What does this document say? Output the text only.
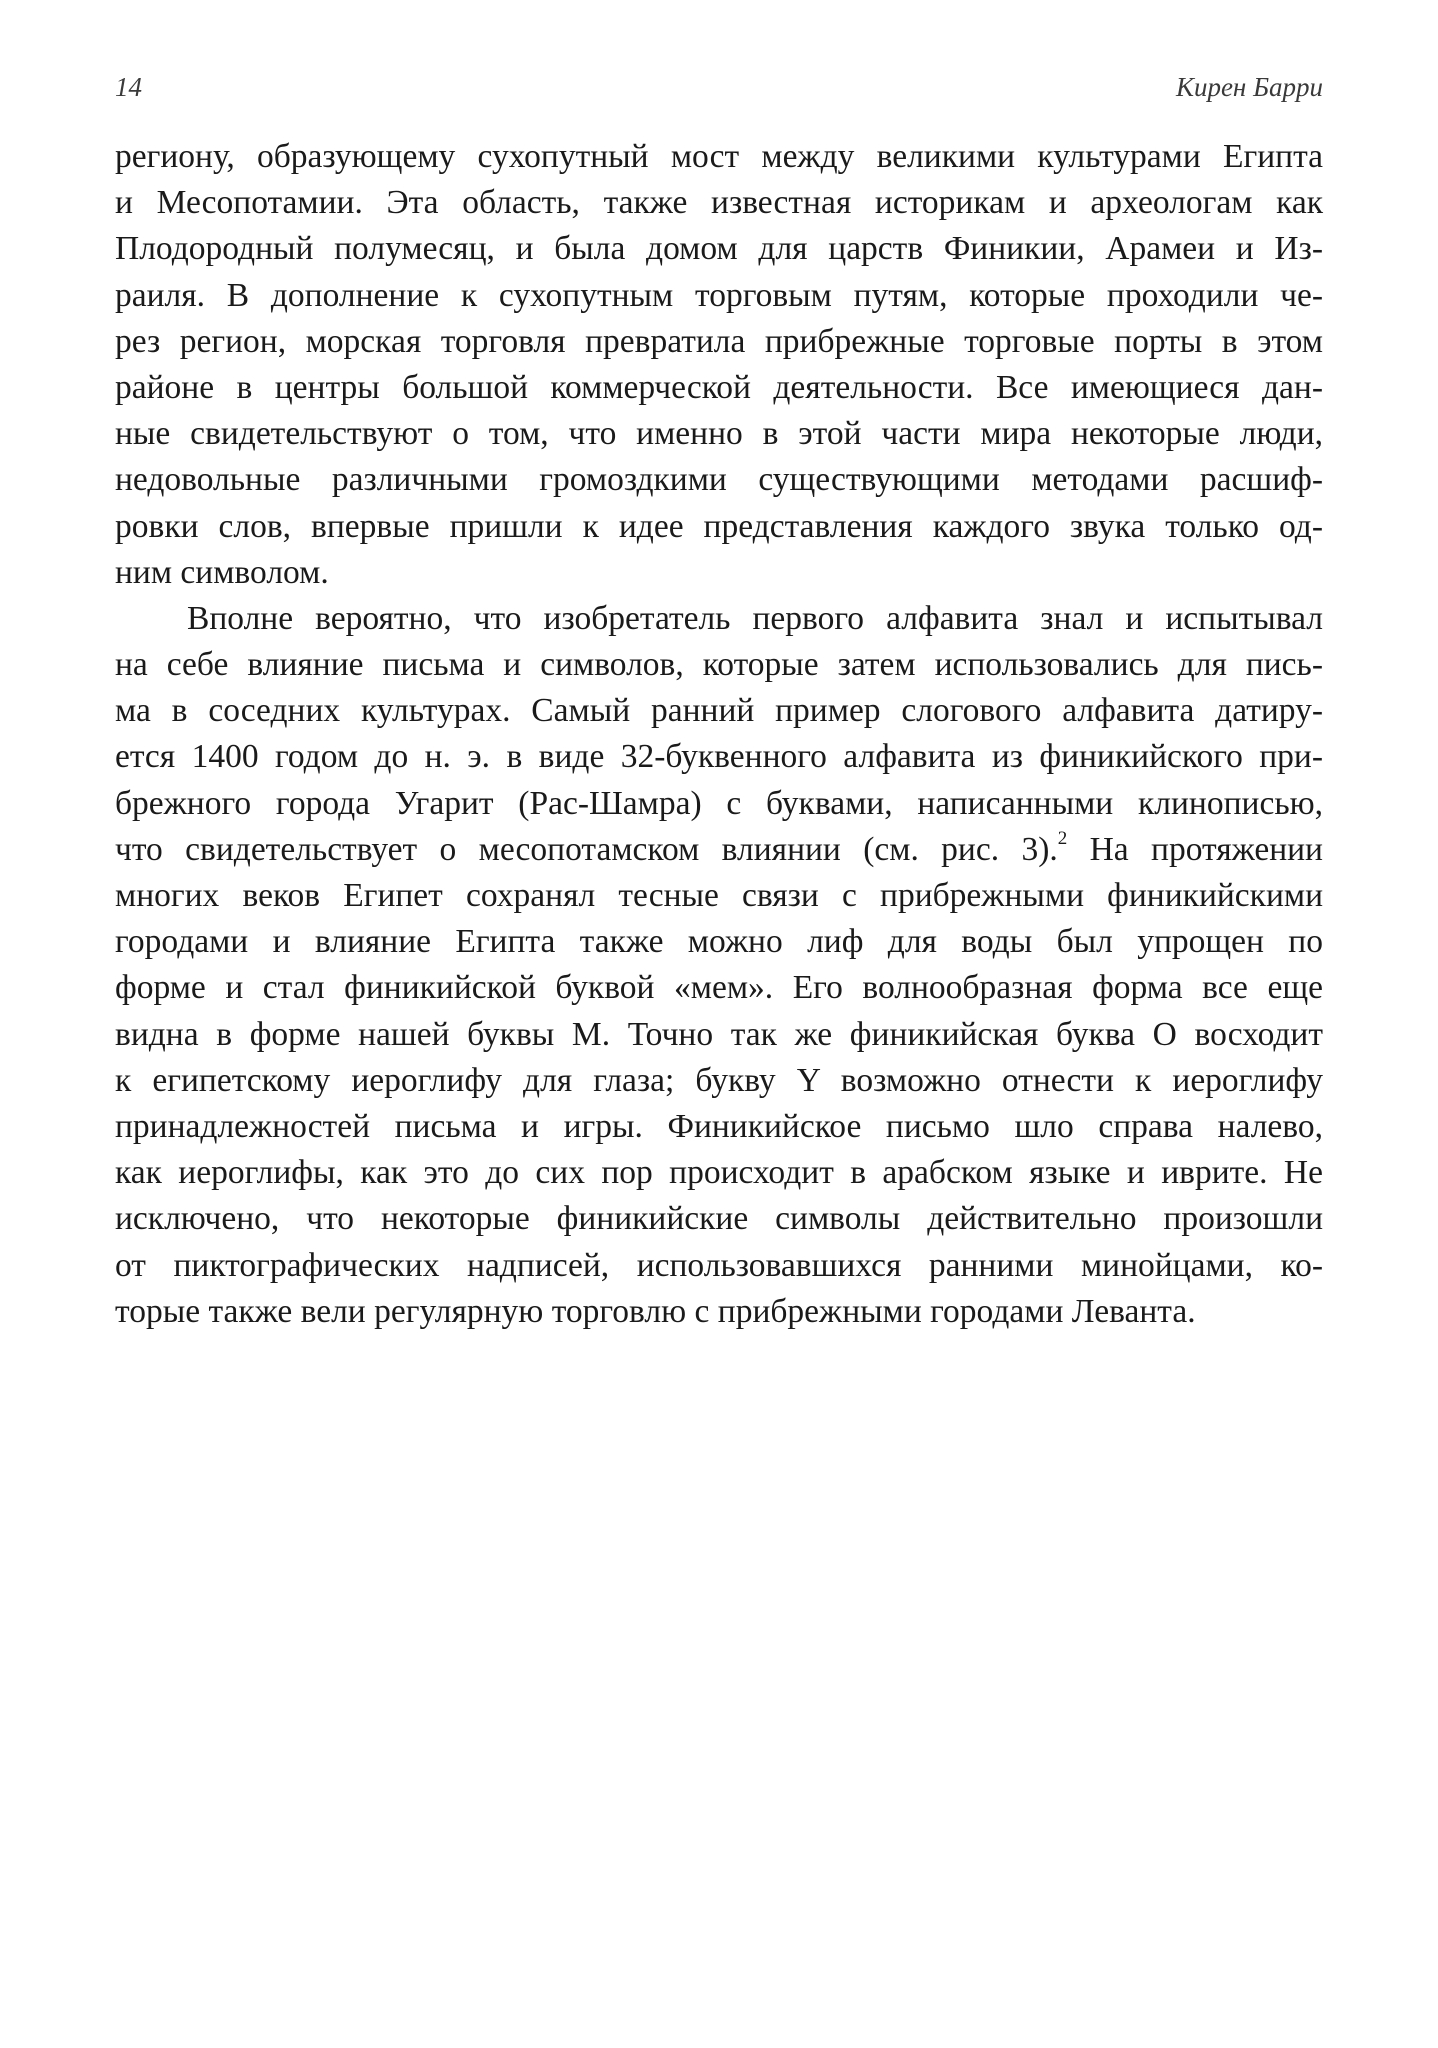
14	Кирен Барри
региону, образующему сухопутный мост между великими культурами Египта
и Месопотамии. Эта область, также известная историкам и археологам как
Плодородный полумесяц, и была домом для царств Финикии, Арамеи и Из-
раиля. В дополнение к сухопутным торговым путям, которые проходили че-
рез регион, морская торговля превратила прибрежные торговые порты в этом
районе в центры большой коммерческой деятельности. Все имеющиеся дан-
ные свидетельствуют о том, что именно в этой части мира некоторые люди,
недовольные различными громоздкими существующими методами расшиф-
ровки слов, впервые пришли к идее представления каждого звука только од-
ним символом.
Вполне вероятно, что изобретатель первого алфавита знал и испытывал
на себе влияние письма и символов, которые затем использовались для пись-
ма в соседних культурах. Самый ранний пример слогового алфавита датиру-
ется 1400 годом до н. э. в виде 32-буквенного алфавита из финикийского при-
брежного города Угарит (Рас-Шамра) с буквами, написанными клинописью,
что свидетельствует о месопотамском влиянии (см. рис. 3).$^2$ На протяжении
многих веков Египет сохранял тесные связи с прибрежными финикийскими
городами и влияние Египта также можно лиф для воды был упрощен по
форме и стал финикийской буквой «мем». Его волнообразная форма все еще
видна в форме нашей буквы М. Точно так же финикийская буква О восходит
к египетскому иероглифу для глаза; букву Y возможно отнести к иероглифу
принадлежностей письма и игры. Финикийское письмо шло справа налево,
как иероглифы, как это до сих пор происходит в арабском языке и иврите. Не
исключено, что некоторые финикийские символы действительно произошли
от пиктографических надписей, использовавшихся ранними минойцами, ко-
торые также вели регулярную торговлю с прибрежными городами Леванта.
